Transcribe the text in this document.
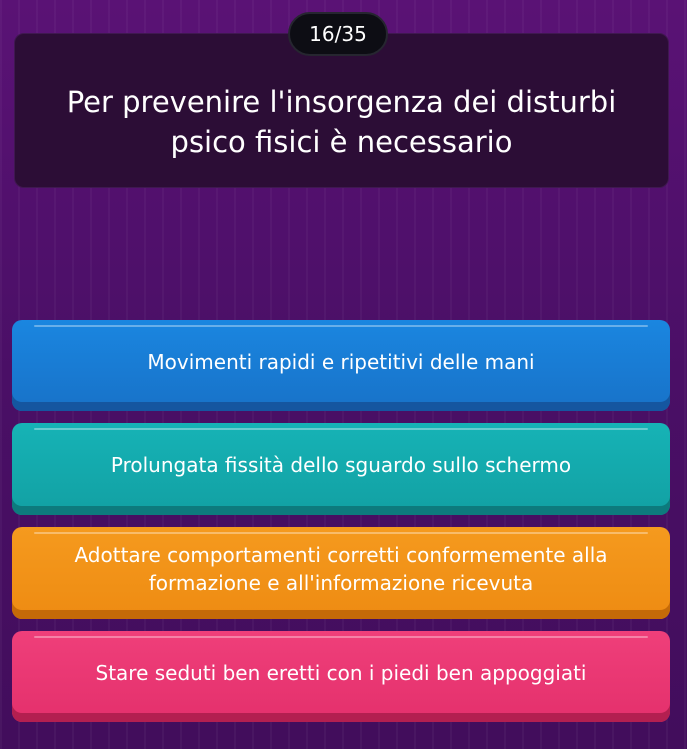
Per prevenire l'insorgenza dei disturbi psico fisici è necessario
16/35
Movimenti rapidi e ripetitivi delle mani
Prolungata fissità dello sguardo sullo schermo
Adottare comportamenti corretti conformemente alla formazione e all'informazione ricevuta
Stare seduti ben eretti con i piedi ben appoggiati
